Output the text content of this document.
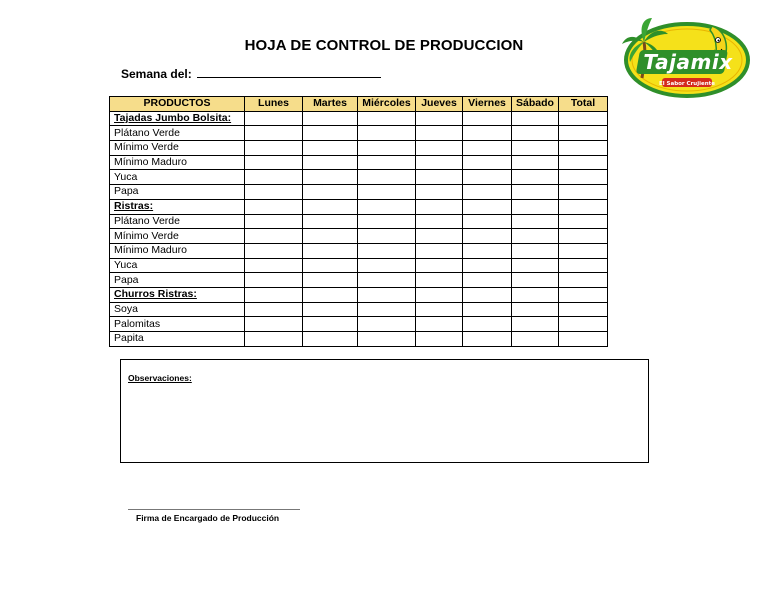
HOJA DE CONTROL DE PRODUCCION
Semana del:	Tajamix
El Sabor Crujiente
PRODUCTOS	Lunes	Martes	Miércoles	Jueves	Viernes	Sábado	Total
Tajadas Jumbo Bolsita:							
Plátano Verde							
Mínimo Verde							
Mínimo Maduro							
Yuca							
Papa							
Ristras:							
Plátano Verde							
Mínimo Verde							
Mínimo Maduro							
Yuca							
Papa							
Churros Ristras:							
Soya							
Palomitas							
Papita							
Observaciones:
Firma de Encargado de Producción
